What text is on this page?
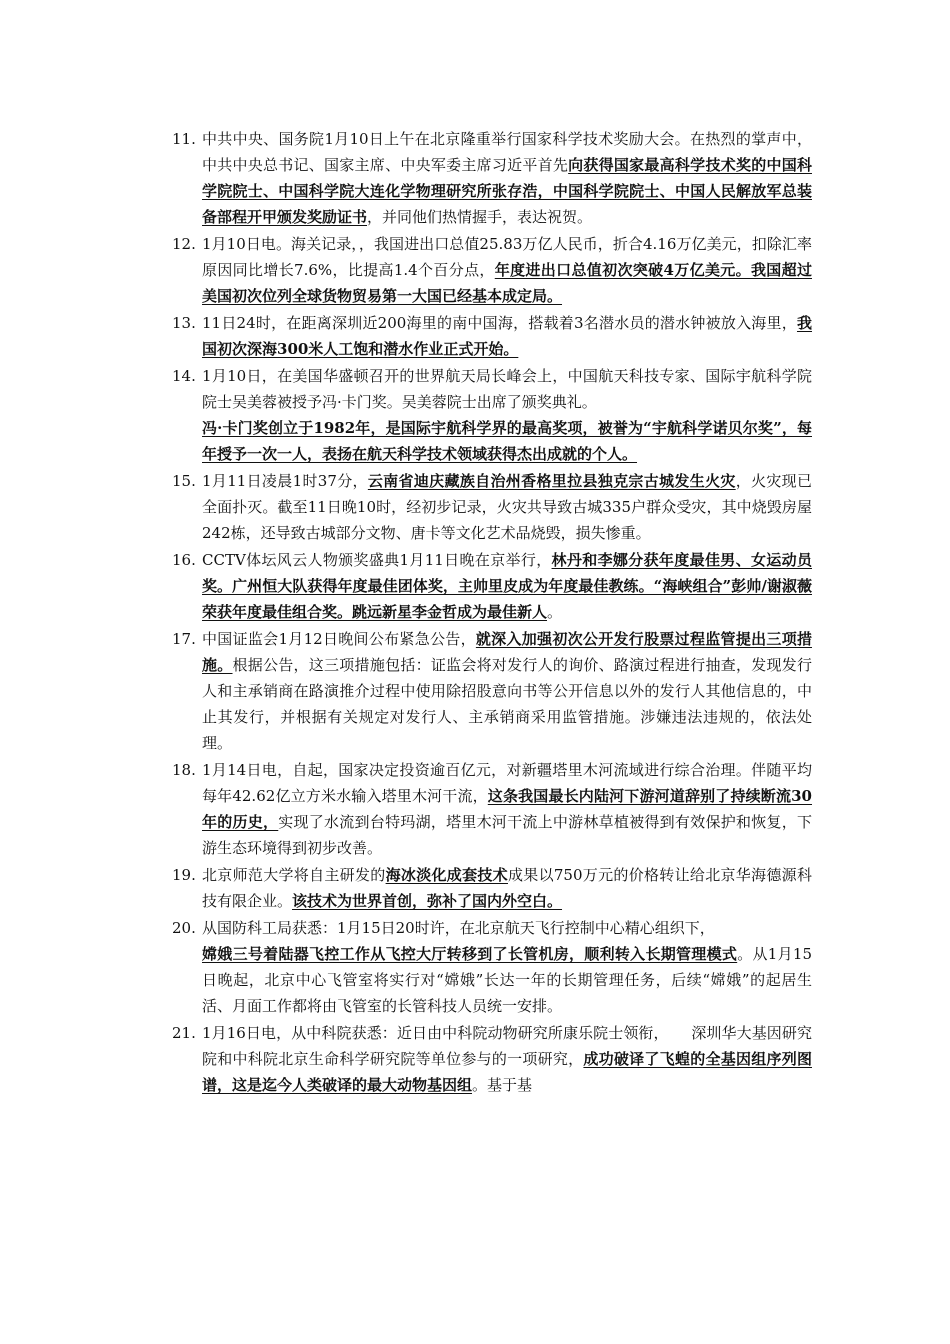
11. 中共中央、国务院1月10日上午在北京隆重举行国家科学技术奖励大会。在热烈的掌声中，中共中央总书记、国家主席、中央军委主席习近平首先向获得国家最高科学技术奖的中国科学院院士、中国科学院大连化学物理研究所张存浩，中国科学院院士、中国人民解放军总装备部程开甲颁发奖励证书，并同他们热情握手，表达祝贺。
12. 1月10日电。海关记录，，我国进出口总值25.83万亿人民币，折合4.16万亿美元，扣除汇率原因同比增长7.6%，比提高1.4个百分点，年度进出口总值初次突破4万亿美元。我国超过美国初次位列全球货物贸易第一大国已经基本成定局。
13. 11日24时，在距离深圳近200海里的南中国海，搭载着3名潜水员的潜水钟被放入海里，我国初次深海300米人工饱和潜水作业正式开始。
14. 1月10日，在美国华盛顿召开的世界航天局长峰会上，中国航天科技专家、国际宇航科学院院士吴美蓉被授予冯·卡门奖。吴美蓉院士出席了颁奖典礼。
冯·卡门奖创立于1982年，是国际宇航科学界的最高奖项，被誉为“宇航科学诺贝尔奖”，每年授予一次一人，表扬在航天科学技术领域获得杰出成就的个人。
15. 1月11日凌晨1时37分，云南省迪庆藏族自治州香格里拉县独克宗古城发生火灾，火灾现已全面扑灭。截至11日晚10时，经初步记录，火灾共导致古城335户群众受灾，其中烧毁房屋242栋，还导致古城部分文物、唐卡等文化艺术品烧毁，损失惨重。
16. CCTV体坛风云人物颁奖盛典1月11日晚在京举行，林丹和李娜分获年度最佳男、女运动员奖。广州恒大队获得年度最佳团体奖，主帅里皮成为年度最佳教练。“海峡组合”彭帅/谢淑薇荣获年度最佳组合奖。跳远新星李金哲成为最佳新人。
17. 中国证监会1月12日晚间公布紧急公告，就深入加强初次公开发行股票过程监管提出三项措施。根据公告，这三项措施包括：证监会将对发行人的询价、路演过程进行抽查，发现发行人和主承销商在路演推介过程中使用除招股意向书等公开信息以外的发行人其他信息的，中止其发行，并根据有关规定对发行人、主承销商采用监管措施。涉嫌违法违规的，依法处理。
18. 1月14日电，自起，国家决定投资逾百亿元，对新疆塔里木河流域进行综合治理。伴随平均每年42.62亿立方米水输入塔里木河干流，这条我国最长内陆河下游河道辞别了持续断流30年的历史，实现了水流到台特玛湖，塔里木河干流上中游林草植被得到有效保护和恢复，下游生态环境得到初步改善。
19. 北京师范大学将自主研发的海冰淡化成套技术成果以750万元的价格转让给北京华海德源科技有限企业。该技术为世界首创，弥补了国内外空白。
20. 从国防科工局获悉：1月15日20时许，在北京航天飞行控制中心精心组织下，
嫦娥三号着陆器飞控工作从飞控大厅转移到了长管机房，顺利转入长期管理模式。从1月15日晚起，北京中心飞管室将实行对“嫦娥”长达一年的长期管理任务，后续“嫦娥”的起居生活、月面工作都将由飞管室的长管科技人员统一安排。
21. 1月16日电，从中科院获悉：近日由中科院动物研究所康乐院士领衔，　　深圳华大基因研究院和中科院北京生命科学研究院等单位参与的一项研究，成功破译了飞蝗的全基因组序列图谱，这是迄今人类破译的最大动物基因组。基于基
